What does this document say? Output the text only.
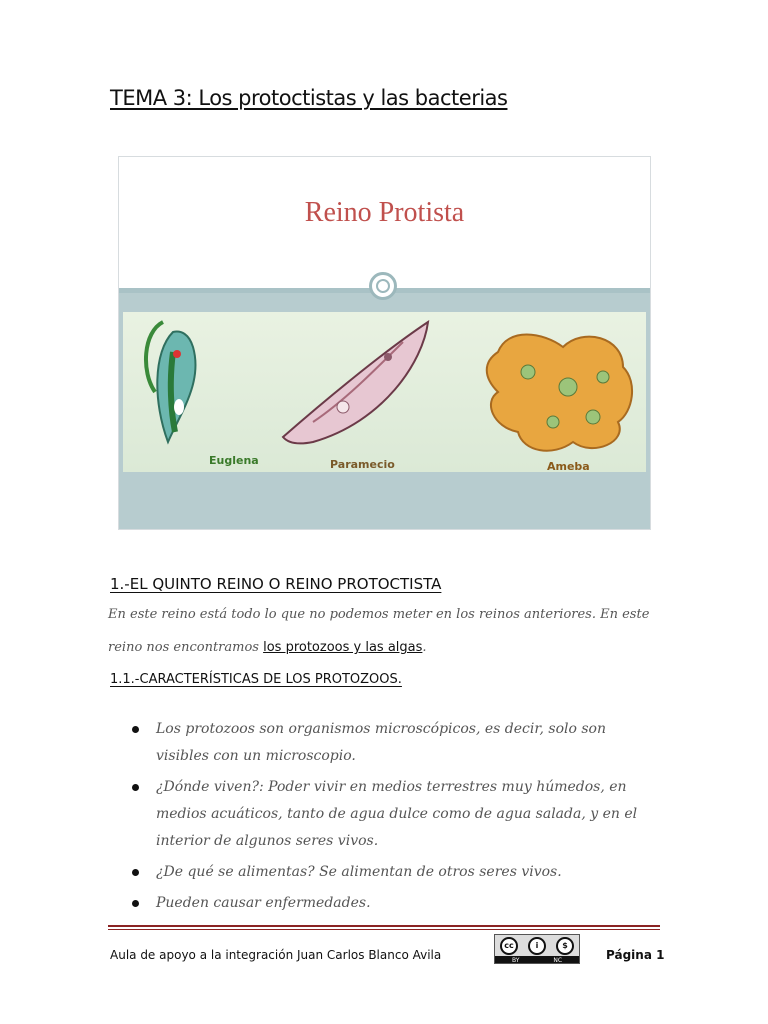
TEMA 3: Los protoctistas y las bacterias
Reino Protista
Euglena	Paramecio	Ameba
1.-EL QUINTO REINO O REINO PROTOCTISTA
En este reino está todo lo que no podemos meter en los reinos anteriores. En este reino nos encontramos los protozoos y las algas.
1.1.-CARACTERÍSTICAS DE LOS PROTOZOOS.
Los protozoos son organismos microscópicos, es decir, solo son visibles con un microscopio.
¿Dónde viven?: Poder vivir en medios terrestres muy húmedos, en medios acuáticos, tanto de agua dulce como de agua salada, y en el interior de algunos seres vivos.
¿De qué se alimentas? Se alimentan de otros seres vivos.
Pueden causar enfermedades.
Aula de apoyo a la integración Juan Carlos Blanco Avila
cc	i	$
BY	NC	Página 1
